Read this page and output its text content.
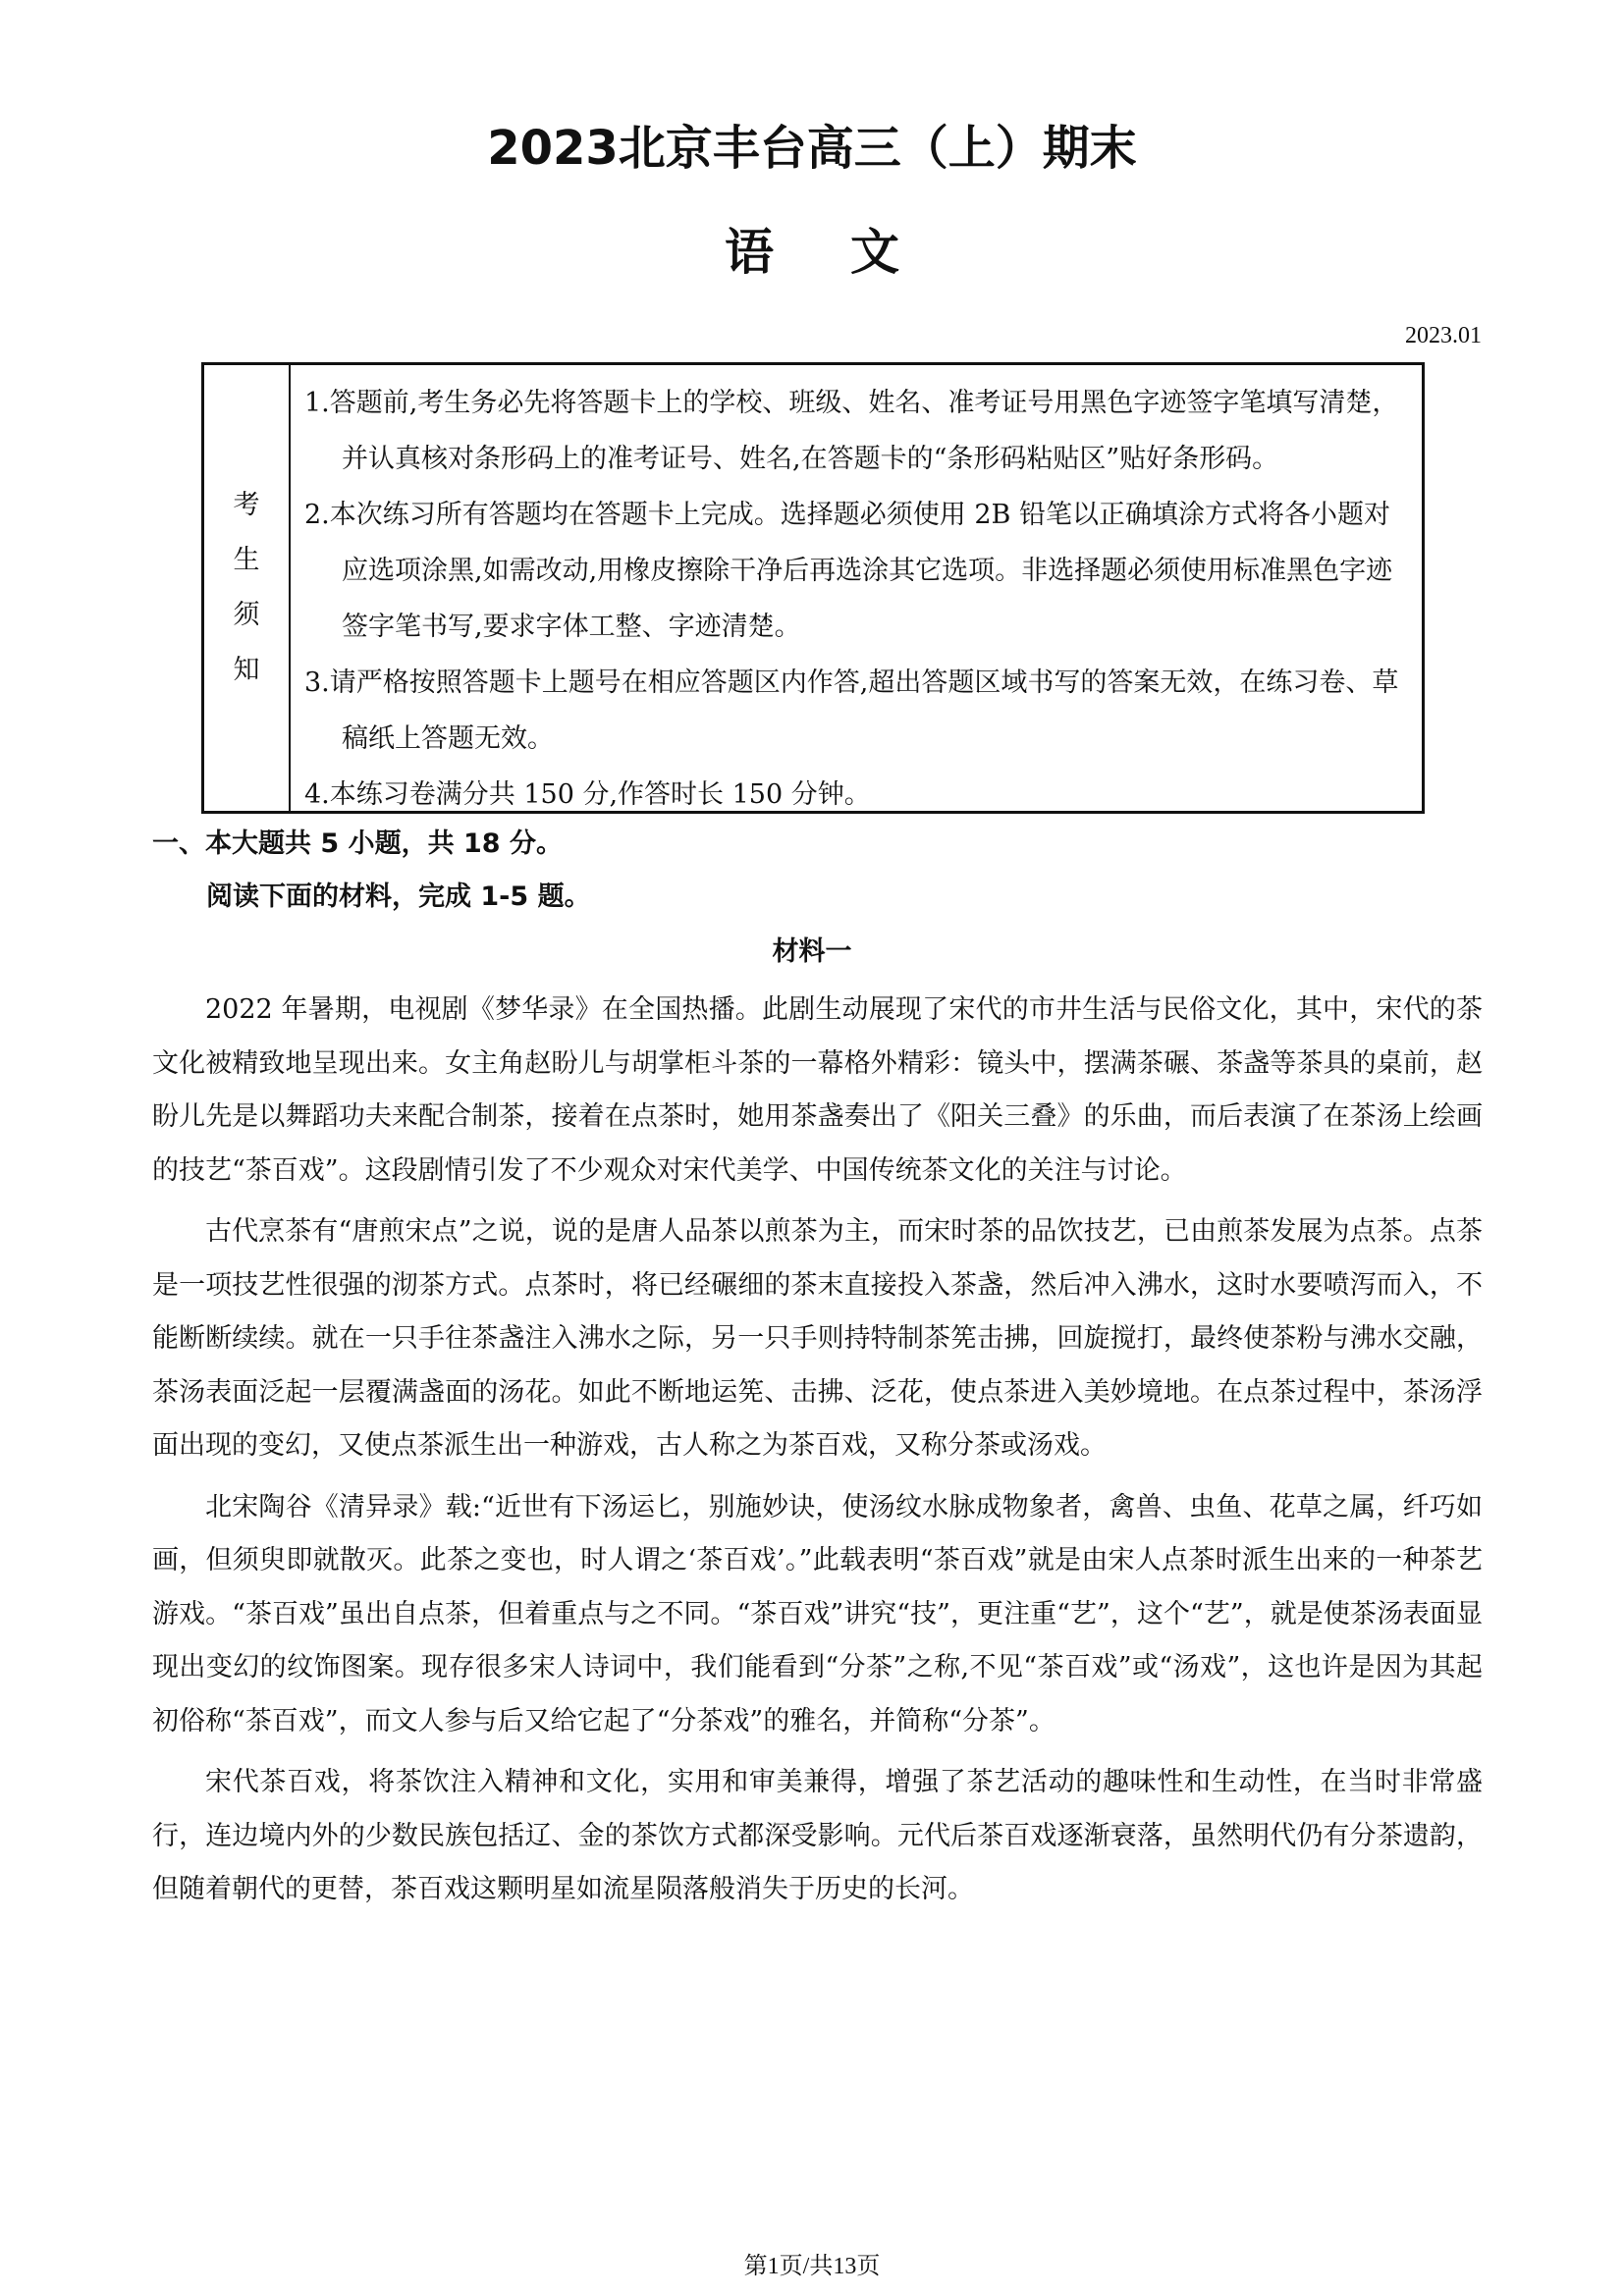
2023北京丰台高三（上）期末
语文
2023.01
考
生
须
知

1.答题前,考生务必先将答题卡上的学校、班级、姓名、准考证号用黑色字迹签字笔填写清楚，并认真核对条形码上的准考证号、姓名,在答题卡的“条形码粘贴区”贴好条形码。

2.本次练习所有答题均在答题卡上完成。选择题必须使用 2B 铅笔以正确填涂方式将各小题对应选项涂黑,如需改动,用橡皮擦除干净后再选涂其它选项。非选择题必须使用标准黑色字迹签字笔书写,要求字体工整、字迹清楚。

3.请严格按照答题卡上题号在相应答题区内作答,超出答题区域书写的答案无效，在练习卷、草稿纸上答题无效。

4.本练习卷满分共 150 分,作答时长 150 分钟。

一、本大题共 5 小题，共 18 分。
阅读下面的材料，完成 1-5 题。
材料一

2022 年暑期，电视剧《梦华录》在全国热播。此剧生动展现了宋代的市井生活与民俗文化，其中，宋代的茶文化被精致地呈现出来。女主角赵盼儿与胡掌柜斗茶的一幕格外精彩：镜头中，摆满茶碾、茶盏等茶具的桌前，赵盼儿先是以舞蹈功夫来配合制茶，接着在点茶时，她用茶盏奏出了《阳关三叠》的乐曲，而后表演了在茶汤上绘画的技艺“茶百戏”。这段剧情引发了不少观众对宋代美学、中国传统茶文化的关注与讨论。

古代烹茶有“唐煎宋点”之说，说的是唐人品茶以煎茶为主，而宋时茶的品饮技艺，已由煎茶发展为点茶。点茶是一项技艺性很强的沏茶方式。点茶时，将已经碾细的茶末直接投入茶盏，然后冲入沸水，这时水要喷泻而入，不能断断续续。就在一只手往茶盏注入沸水之际，另一只手则持特制茶筅击拂，回旋搅打，最终使茶粉与沸水交融，茶汤表面泛起一层覆满盏面的汤花。如此不断地运筅、击拂、泛花，使点茶进入美妙境地。在点茶过程中，茶汤浮面出现的变幻，又使点茶派生出一种游戏，古人称之为茶百戏，又称分茶或汤戏。

北宋陶谷《清异录》载:“近世有下汤运匕，别施妙诀，使汤纹水脉成物象者，禽兽、虫鱼、花草之属，纤巧如画，但须臾即就散灭。此茶之变也，时人谓之‘茶百戏’。”此载表明“茶百戏”就是由宋人点茶时派生出来的一种茶艺游戏。“茶百戏”虽出自点茶，但着重点与之不同。“茶百戏”讲究“技”，更注重“艺”，这个“艺”，就是使茶汤表面显现出变幻的纹饰图案。现存很多宋人诗词中，我们能看到“分茶”之称,不见“茶百戏”或“汤戏”，这也许是因为其起初俗称“茶百戏”，而文人参与后又给它起了“分茶戏”的雅名，并简称“分茶”。

宋代茶百戏，将茶饮注入精神和文化，实用和审美兼得，增强了茶艺活动的趣味性和生动性，在当时非常盛行，连边境内外的少数民族包括辽、金的茶饮方式都深受影响。元代后茶百戏逐渐衰落，虽然明代仍有分茶遗韵，但随着朝代的更替，茶百戏这颗明星如流星陨落般消失于历史的长河。

第1页/共13页
